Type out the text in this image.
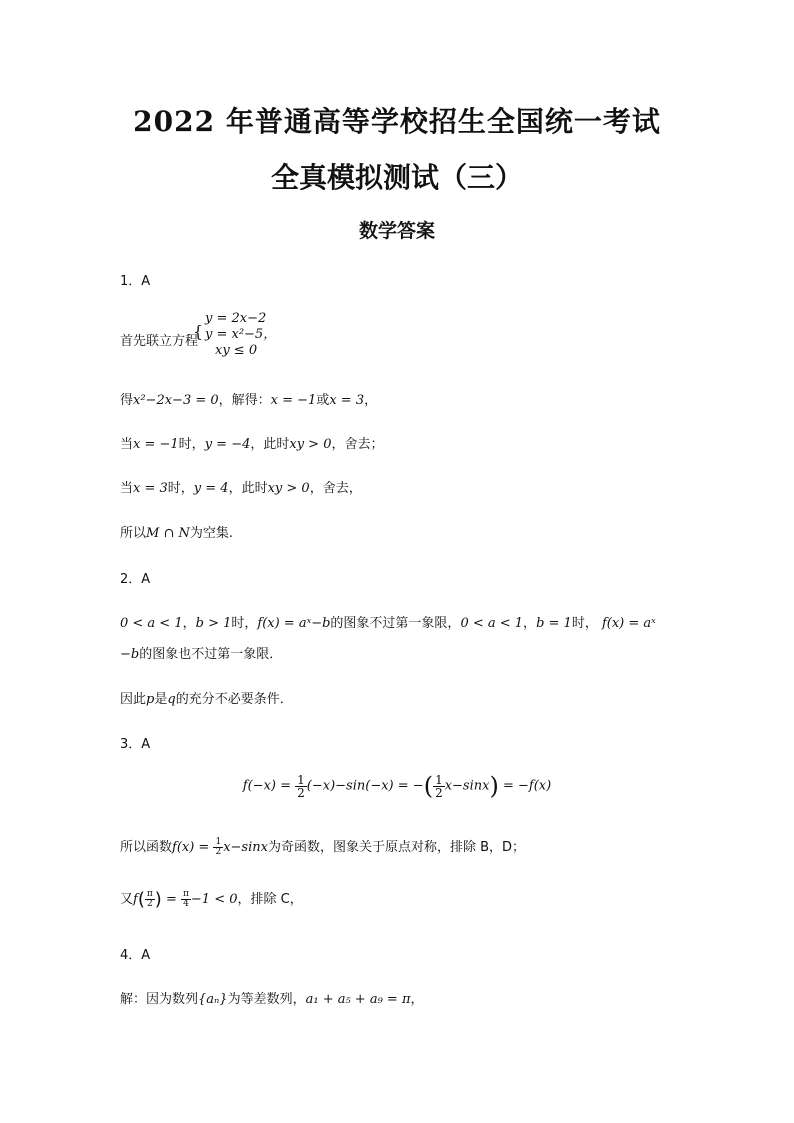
2022 年普通高等学校招生全国统一考试
全真模拟测试（三）
数学答案
1．A
首先联立方程
{
y = 2x−2
y = x²−5，
xy ≤ 0
得x²−2x−3 = 0，解得：x = −1或x = 3，
当x = −1时，y = −4，此时xy > 0，舍去；
当x = 3时，y = 4，此时xy > 0，舍去，
所以M ∩ N为空集.
2．A
0 < a < 1，b > 1时，f(x) = aˣ−b的图象不过第一象限，0 < a < 1，b = 1时， f(x) = aˣ
−b的图象也不过第一象限．
因此p是q的充分不必要条件．
3．A
$f(-x) = \frac{1}{2} (-x)-\sin(-x)$ = −( $\frac{1}{2} x-\sin x) = -f(x)$
所以函数$f(x) = \frac{1}{2} x-\sin x$为奇函数，图象关于原点对称，排除 B，D；
又$f( \frac{\pi}{2}$ ) = $\frac{\pi}{4} -1 < 0$，排除 C，
4．A
解：因为数列{aₙ}为等差数列，a₁ + a₅ + a₉ = π，
